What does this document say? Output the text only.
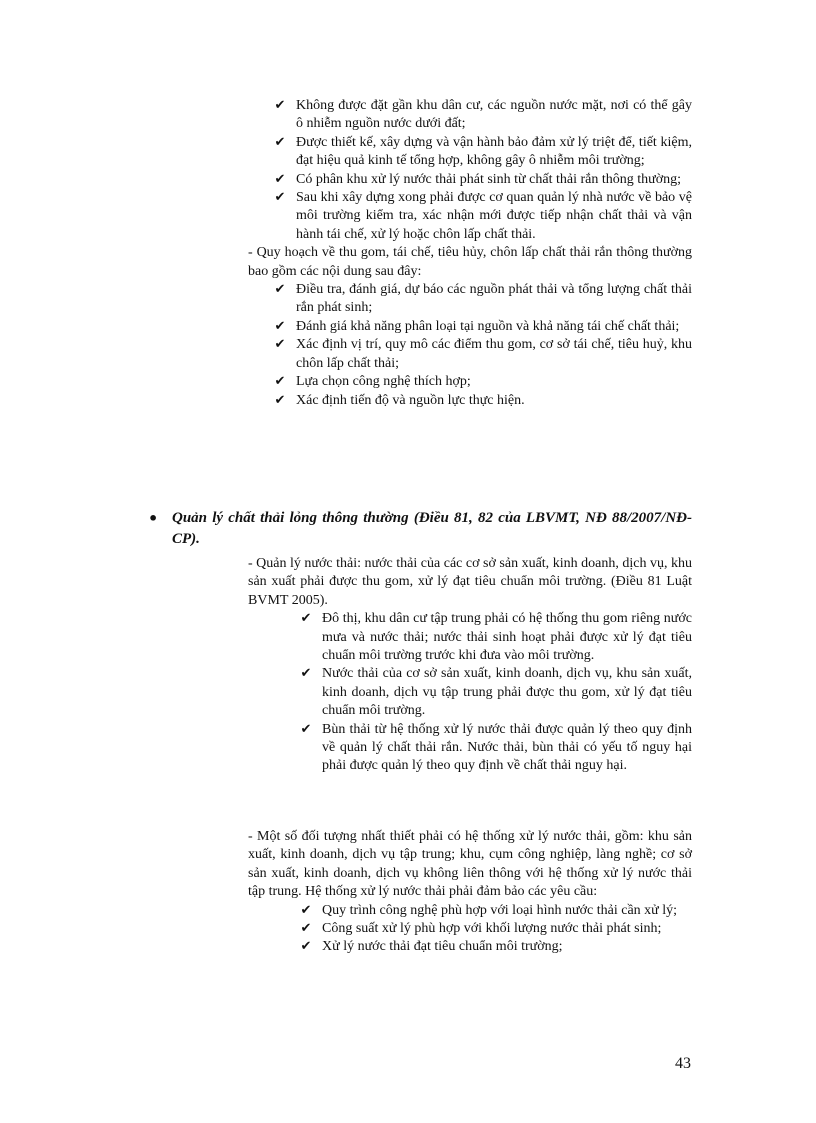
✔ Không được đặt gần khu dân cư, các nguồn nước mặt, nơi có thể gây ô nhiễm nguồn nước dưới đất;
✔ Được thiết kế, xây dựng và vận hành bảo đảm xử lý triệt để, tiết kiệm, đạt hiệu quả kinh tế tổng hợp, không gây ô nhiễm môi trường;
✔ Có phân khu xử lý nước thải phát sinh từ chất thải rắn thông thường;
✔ Sau khi xây dựng xong phải được cơ quan quản lý nhà nước về bảo vệ môi trường kiểm tra, xác nhận mới được tiếp nhận chất thải và vận hành tái chế, xử lý hoặc chôn lấp chất thải.

- Quy hoạch về thu gom, tái chế, tiêu hủy, chôn lấp chất thải rắn thông thường bao gồm các nội dung sau đây:

✔ Điều tra, đánh giá, dự báo các nguồn phát thải và tổng lượng chất thải rắn phát sinh;
✔ Đánh giá khả năng phân loại tại nguồn và khả năng tái chế chất thải;
✔ Xác định vị trí, quy mô các điểm thu gom, cơ sở tái chế, tiêu huỷ, khu chôn lấp chất thải;
✔ Lựa chọn công nghệ thích hợp;
✔ Xác định tiến độ và nguồn lực thực hiện.
• Quản lý chất thải lỏng thông thường (Điều 81, 82 của LBVMT, NĐ 88/2007/NĐ-CP).

- Quản lý nước thải: nước thải của các cơ sở sản xuất, kinh doanh, dịch vụ, khu sản xuất phải được thu gom, xử lý đạt tiêu chuẩn môi trường. (Điều 81 Luật BVMT 2005).

✔ Đô thị, khu dân cư tập trung phải có hệ thống thu gom riêng nước mưa và nước thải; nước thải sinh hoạt phải được xử lý đạt tiêu chuẩn môi trường trước khi đưa vào môi trường.
✔ Nước thải của cơ sở sản xuất, kinh doanh, dịch vụ, khu sản xuất, kinh doanh, dịch vụ tập trung phải được thu gom, xử lý đạt tiêu chuẩn môi trường.
✔ Bùn thải từ hệ thống xử lý nước thải được quản lý theo quy định về quản lý chất thải rắn. Nước thải, bùn thải có yếu tố nguy hại phải được quản lý theo quy định về chất thải nguy hại.

- Một số đối tượng nhất thiết phải có hệ thống xử lý nước thải, gồm: khu sản xuất, kinh doanh, dịch vụ tập trung; khu, cụm công nghiệp, làng nghề; cơ sở sản xuất, kinh doanh, dịch vụ không liên thông với hệ thống xử lý nước thải tập trung. Hệ thống xử lý nước thải phải đảm bảo các yêu cầu:

✔ Quy trình công nghệ phù hợp với loại hình nước thải cần xử lý;
✔ Công suất xử lý phù hợp với khối lượng nước thải phát sinh;
✔ Xử lý nước thải đạt tiêu chuẩn môi trường;
43
